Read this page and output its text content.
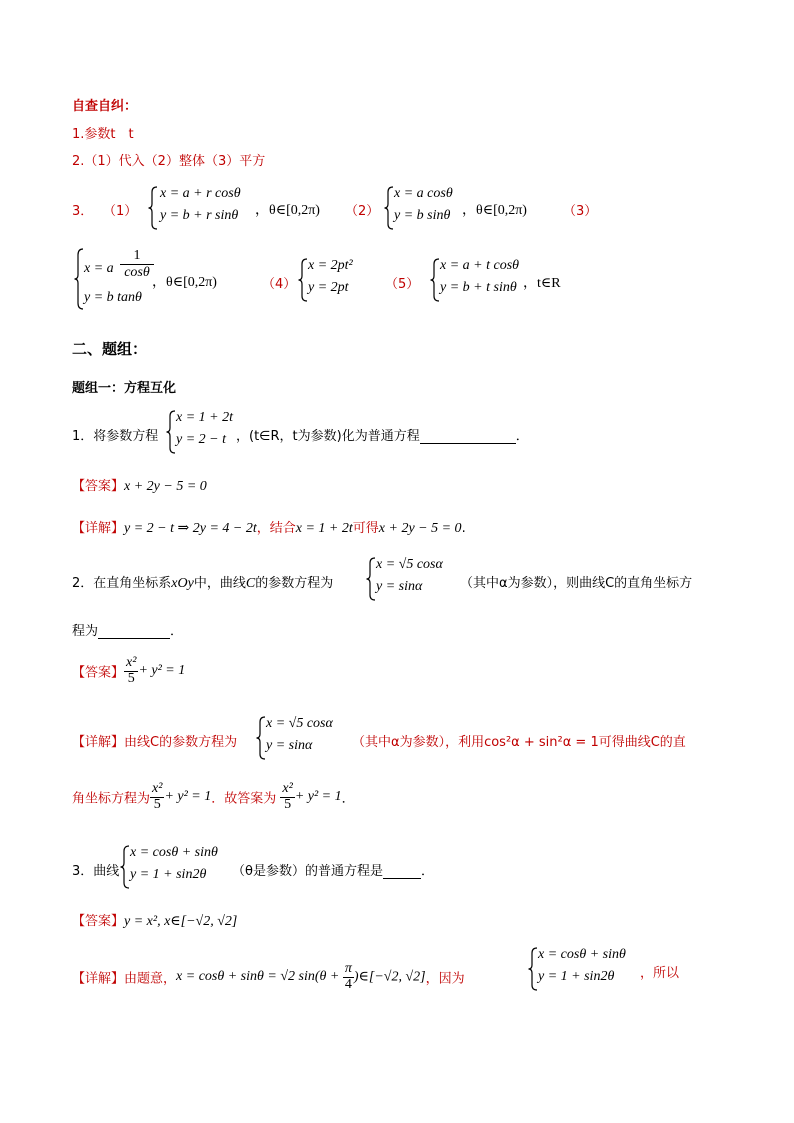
自查自纠：
1.参数t　t
2.（1）代入（2）整体（3）平方
3． （1）
x = a + r cosθ
y = b + r sinθ ，θ∈[0,2π) （2）
x = a cosθ
y = b sinθ ，θ∈[0,2π)	（3）
x = a
1
cosθ
y = b tanθ
，θ∈[0,2π)	（4）
x = 2pt²
y = 2pt	（5）
x = a + t cosθ
y = b + t sinθ ，t∈R
二、题组：
题组一：方程互化
1．将参数方程
x = 1 + 2t
y = 2 − t ，(t∈R，t为参数)化为普通方程	．
【答案】x + 2y − 5 = 0
【详解】y = 2 − t ⇒ 2y = 4 − 2t，结合x = 1 + 2t可得x + 2y − 5 = 0.
2．在直角坐标系xOy中，曲线C的参数方程为
x = √5 cosα
y = sinα	（其中α为参数），则曲线C的直角坐标方
程为	．
【答案】 $\frac{\text{x²}}{5} + y^2 = 1$
【详解】由线C的参数方程为
x = √5 cosα
y = sinα	（其中α为参数），利用cos²α + sin²α = 1可得曲线C的直
角坐标方程为 $\frac{\text{x²}}{5} + y^2 = 1$．故答案为 $\frac{\text{x²}}{5} + y^2 = 1$．
3．曲线
x = cosθ + sinθ
y = 1 + sin2θ （θ是参数）的普通方程是	．
【答案】y = x², x∈[−√2, √2]
【详解】由题意，x = cosθ + sinθ = √2 $\sin(\theta + \frac{\pi}{4}$ )∈[−√2, √2]，因为
x = cosθ + sinθ
y = 1 + sin2θ ，所以
